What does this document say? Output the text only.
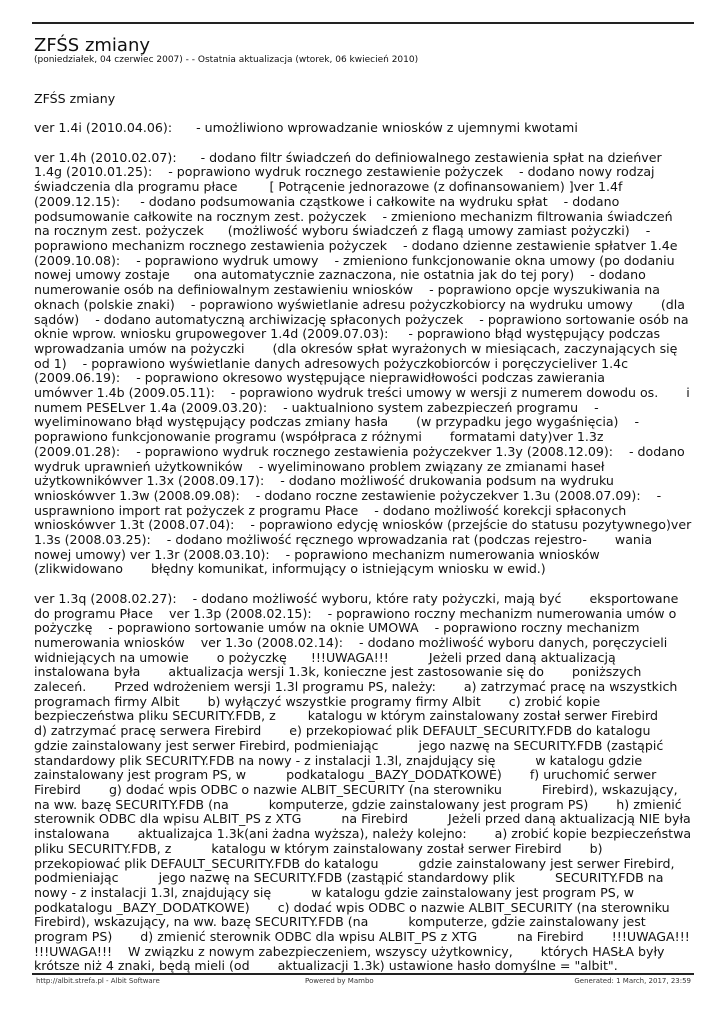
ZFŚS zmiany
(poniedziałek, 04 czerwiec 2007) - - Ostatnia aktualizacja (wtorek, 06 kwiecień 2010)

ZFŚS zmiany

ver 1.4i (2010.04.06):      - umożliwiono wprowadzanie wniosków z ujemnymi kwotami

ver 1.4h (2010.02.07):      - dodano filtr świadczeń do definiowalnego zestawienia spłat na dzieńver 1.4g (2010.01.25):    - poprawiono wydruk rocznego zestawienie pożyczek    - dodano nowy rodzaj świadczenia dla programu płace        [ Potrącenie jednorazowe (z dofinansowaniem) ]ver 1.4f (2009.12.15):     - dodano podsumowania cząstkowe i całkowite na wydruku spłat    - dodano podsumowanie całkowite na rocznym zest. pożyczek    - zmieniono mechanizm filtrowania świadczeń na rocznym zest. pożyczek      (możliwość wyboru świadczeń z flagą umowy zamiast pożyczki)    - poprawiono mechanizm rocznego zestawienia pożyczek    - dodano dzienne zestawienie spłatver 1.4e (2009.10.08):    - poprawiono wydruk umowy    - zmieniono funkcjonowanie okna umowy (po dodaniu nowej umowy zostaje      ona automatycznie zaznaczona, nie ostatnia jak do tej pory)    - dodano numerowanie osób na definiowalnym zestawieniu wniosków    - poprawiono opcje wyszukiwania na oknach (polskie znaki)    - poprawiono wyświetlanie adresu pożyczkobiorcy na wydruku umowy       (dla sądów)    - dodano automatyczną archiwizację spłaconych pożyczek    - poprawiono sortowanie osób na oknie wprow. wniosku grupowegover 1.4d (2009.07.03):     - poprawiono błąd występujący podczas wprowadzania umów na pożyczki       (dla okresów spłat wyrażonych w miesiącach, zaczynających się od 1)    - poprawiono wyświetlanie danych adresowych pożyczkobiorców i poręczycieliver 1.4c (2009.06.19):    - poprawiono okresowo występujące nieprawidłowości podczas zawierania        umówver 1.4b (2009.05.11):    - poprawiono wydruk treści umowy w wersji z numerem dowodu os.       i numem PESELver 1.4a (2009.03.20):    - uaktualniono system zabezpieczeń programu    - wyeliminowano błąd występujący podczas zmiany hasła       (w przypadku jego wygaśnięcia)    - poprawiono funkcjonowanie programu (współpraca z różnymi       formatami daty)ver 1.3z (2009.01.28):    - poprawiono wydruk rocznego zestawienia pożyczekver 1.3y (2008.12.09):    - dodano wydruk uprawnień użytkowników    - wyeliminowano problem związany ze zmianami haseł użytkownikówver 1.3x (2008.09.17):    - dodano możliwość drukowania podsum na wydruku wnioskówver 1.3w (2008.09.08):    - dodano roczne zestawienie pożyczekver 1.3u (2008.07.09):    - usprawniono import rat pożyczek z programu Płace    - dodano możliwość korekcji spłaconych wnioskówver 1.3t (2008.07.04):    - poprawiono edycję wniosków (przejście do statusu pozytywnego)ver 1.3s (2008.03.25):    - dodano możliwość ręcznego wprowadzania rat (podczas rejestro-       wania nowej umowy) ver 1.3r (2008.03.10):    - poprawiono mechanizm numerowania wniosków (zlikwidowano       błędny komunikat, informujący o istniejącym wniosku w ewid.)

ver 1.3q (2008.02.27):    - dodano możliwość wyboru, które raty pożyczki, mają być       eksportowane do programu Płace    ver 1.3p (2008.02.15):    - poprawiono roczny mechanizm numerowania umów o pożyczkę    - poprawiono sortowanie umów na oknie UMOWA    - poprawiono roczny mechanizm numerowania wniosków    ver 1.3o (2008.02.14):    - dodano możliwość wyboru danych, poręczycieli widniejących na umowie       o pożyczkę      !!!UWAGA!!!          Jeżeli przed daną aktualizacją instalowana była       aktualizacja wersji 1.3k, konieczne jest zastosowanie się do       poniższych zaleceń.       Przed wdrożeniem wersji 1.3l programu PS, należy:       a) zatrzymać pracę na wszystkich programach firmy Albit       b) wyłączyć wszystkie programy firmy Albit       c) zrobić kopie bezpieczeństwa pliku SECURITY.FDB, z        katalogu w którym zainstalowany został serwer Firebird       d) zatrzymać pracę serwera Firebird       e) przekopiować plik DEFAULT_SECURITY.FDB do katalogu          gdzie zainstalowany jest serwer Firebird, podmieniając          jego nazwę na SECURITY.FDB (zastąpić standardowy plik SECURITY.FDB na nowy - z instalacji 1.3l, znajdujący się          w katalogu gdzie zainstalowany jest program PS, w          podkatalogu _BAZY_DODATKOWE)       f) uruchomić serwer Firebird       g) dodać wpis ODBC o nazwie ALBIT_SECURITY (na sterowniku          Firebird), wskazujący, na ww. bazę SECURITY.FDB (na          komputerze, gdzie zainstalowany jest program PS)       h) zmienić sterownik ODBC dla wpisu ALBIT_PS z XTG          na Firebird          Jeżeli przed daną aktualizacją NIE była instalowana       aktualizajca 1.3k(ani żadna wyższa), należy kolejno:       a) zrobić kopie bezpieczeństwa pliku SECURITY.FDB, z          katalogu w którym zainstalowany został serwer Firebird       b) przekopiować plik DEFAULT_SECURITY.FDB do katalogu          gdzie zainstalowany jest serwer Firebird, podmieniając          jego nazwę na SECURITY.FDB (zastąpić standardowy plik          SECURITY.FDB na nowy - z instalacji 1.3l, znajdujący się          w katalogu gdzie zainstalowany jest program PS, w          podkatalogu _BAZY_DODATKOWE)       c) dodać wpis ODBC o nazwie ALBIT_SECURITY (na sterowniku       Firebird), wskazujący, na ww. bazę SECURITY.FDB (na          komputerze, gdzie zainstalowany jest program PS)       d) zmienić sterownik ODBC dla wpisu ALBIT_PS z XTG          na Firebird       !!!UWAGA!!!    !!!UWAGA!!!    W związku z nowym zabezpieczeniem, wszyscy użytkownicy,       których HASŁA były krótsze niż 4 znaki, będą mieli (od       aktualizacji 1.3k) ustawione hasło domyślne = "albit".

http://albit.strefa.pl - Albit Software	Powered by Mambo	Generated: 1 March, 2017, 23:59
